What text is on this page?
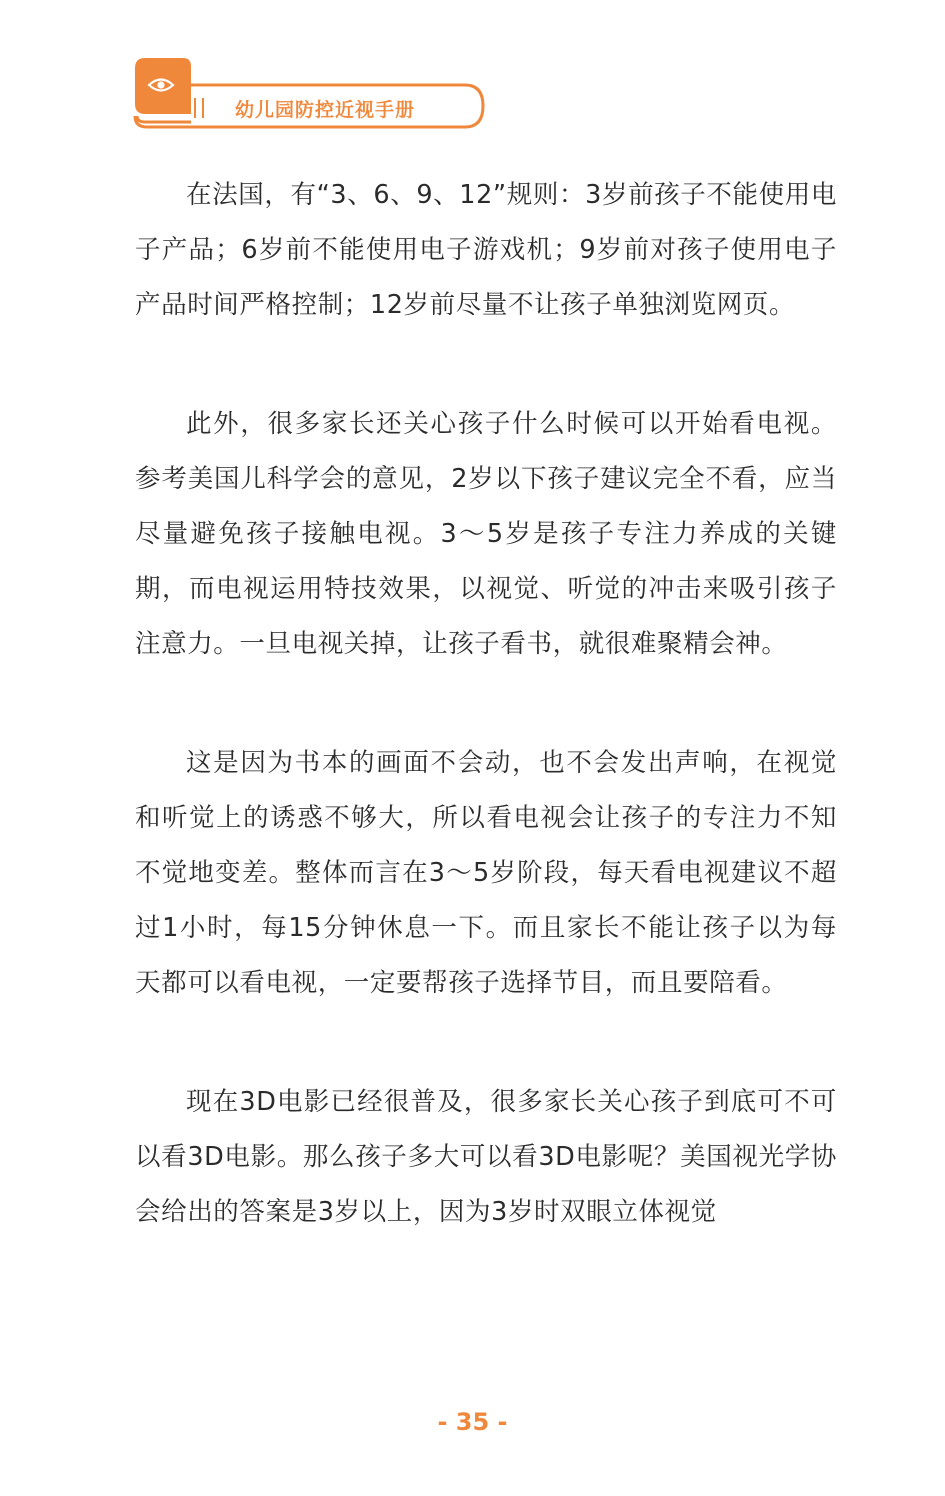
幼儿园防控近视手册

在法国，有“3、6、9、12”规则：3岁前孩子不能使用电子产品；6岁前不能使用电子游戏机；9岁前对孩子使用电子产品时间严格控制；12岁前尽量不让孩子单独浏览网页。

此外，很多家长还关心孩子什么时候可以开始看电视。参考美国儿科学会的意见，2岁以下孩子建议完全不看，应当尽量避免孩子接触电视。3～5岁是孩子专注力养成的关键期，而电视运用特技效果，以视觉、听觉的冲击来吸引孩子注意力。一旦电视关掉，让孩子看书，就很难聚精会神。

这是因为书本的画面不会动，也不会发出声响，在视觉和听觉上的诱惑不够大，所以看电视会让孩子的专注力不知不觉地变差。整体而言在3～5岁阶段，每天看电视建议不超过1小时，每15分钟休息一下。而且家长不能让孩子以为每天都可以看电视，一定要帮孩子选择节目，而且要陪看。

现在3D电影已经很普及，很多家长关心孩子到底可不可以看3D电影。那么孩子多大可以看3D电影呢？美国视光学协会给出的答案是3岁以上，因为3岁时双眼立体视觉

- 35 -
